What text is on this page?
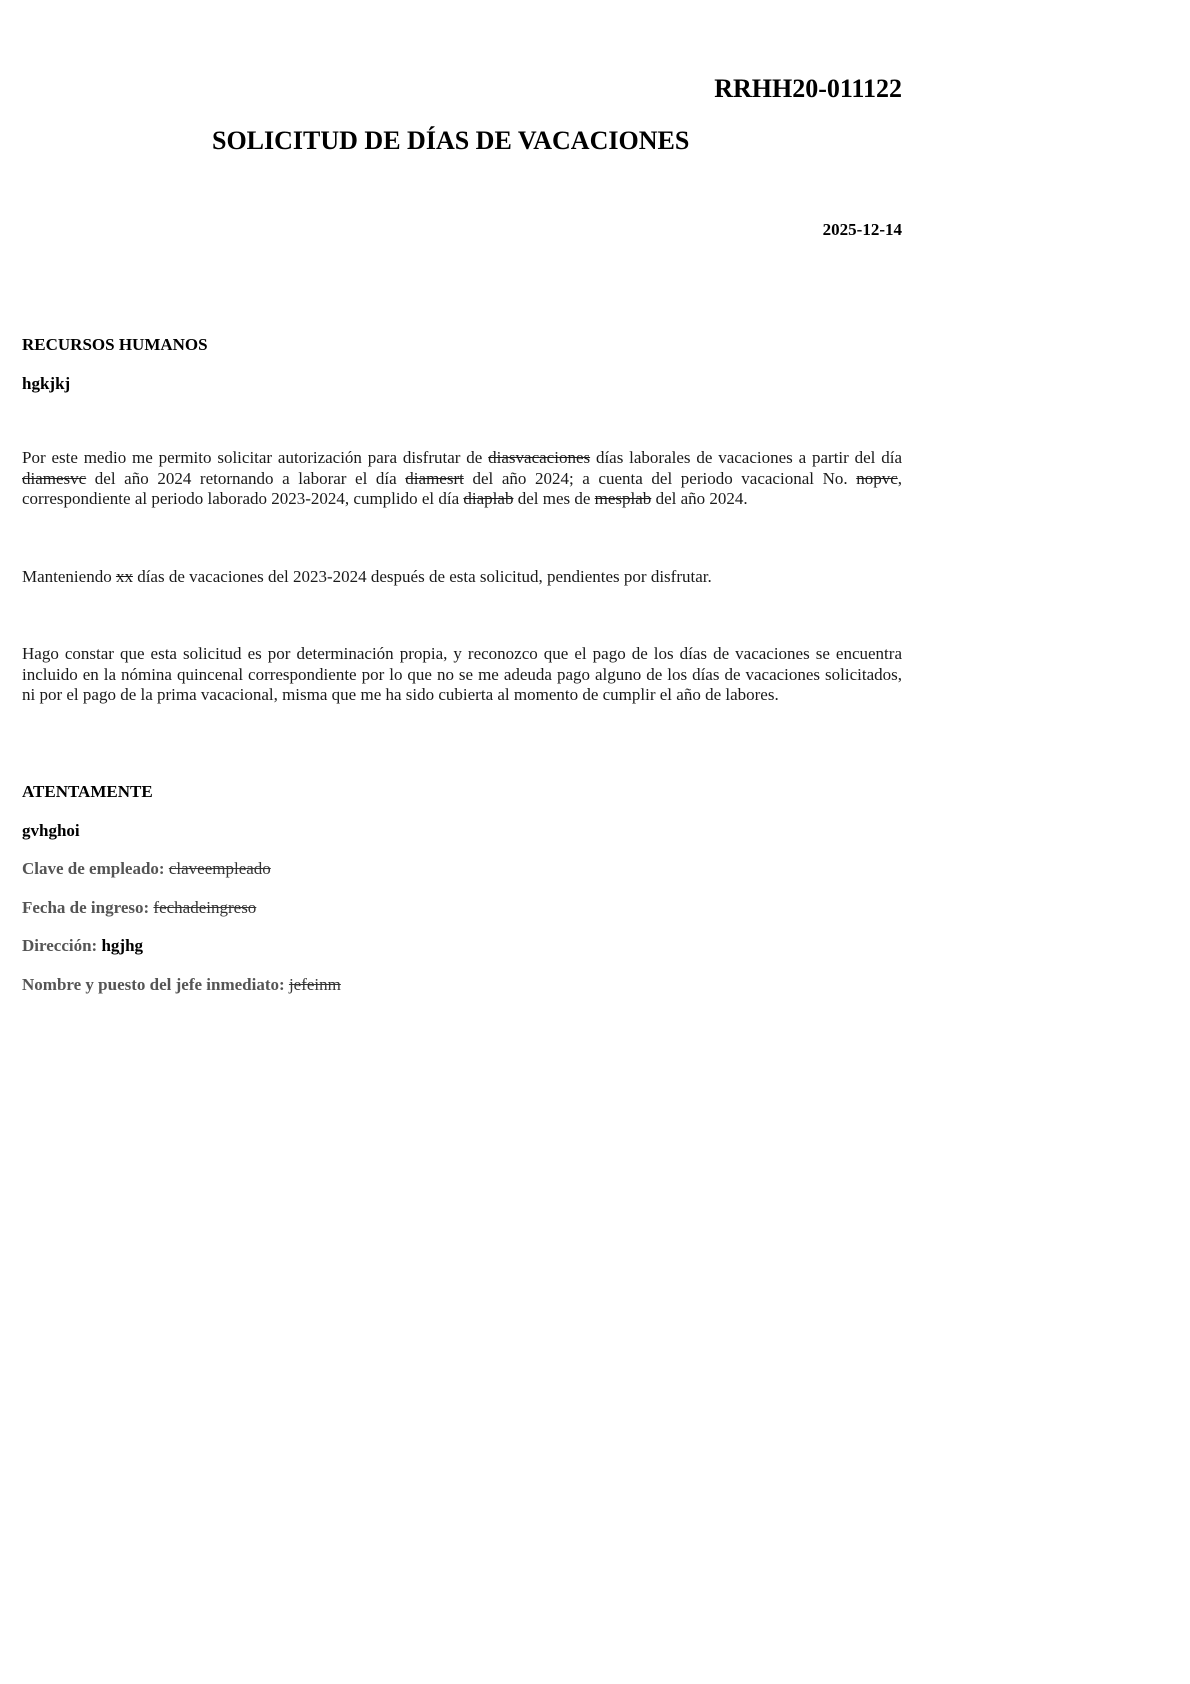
RRHH20-011122
SOLICITUD DE DÍAS DE VACACIONES
2025-12-14
RECURSOS HUMANOS
hgkjkj

Por este medio me permito solicitar autorización para disfrutar de diasvacaciones días laborales de vacaciones a partir del día diamesvc del año 2024 retornando a laborar el día diamesrt del año 2024; a cuenta del periodo vacacional No. nopvc, correspondiente al periodo laborado 2023-2024, cumplido el día diaplab del mes de mesplab del año 2024.

Manteniendo xx días de vacaciones del 2023-2024 después de esta solicitud, pendientes por disfrutar.

Hago constar que esta solicitud es por determinación propia, y reconozco que el pago de los días de vacaciones se encuentra incluido en la nómina quincenal correspondiente por lo que no se me adeuda pago alguno de los días de vacaciones solicitados, ni por el pago de la prima vacacional, misma que me ha sido cubierta al momento de cumplir el año de labores.

ATENTAMENTE
gvhghoi
Clave de empleado: claveempleado
Fecha de ingreso: fechadeingreso
Dirección: hgjhg
Nombre y puesto del jefe inmediato: jefeinm
